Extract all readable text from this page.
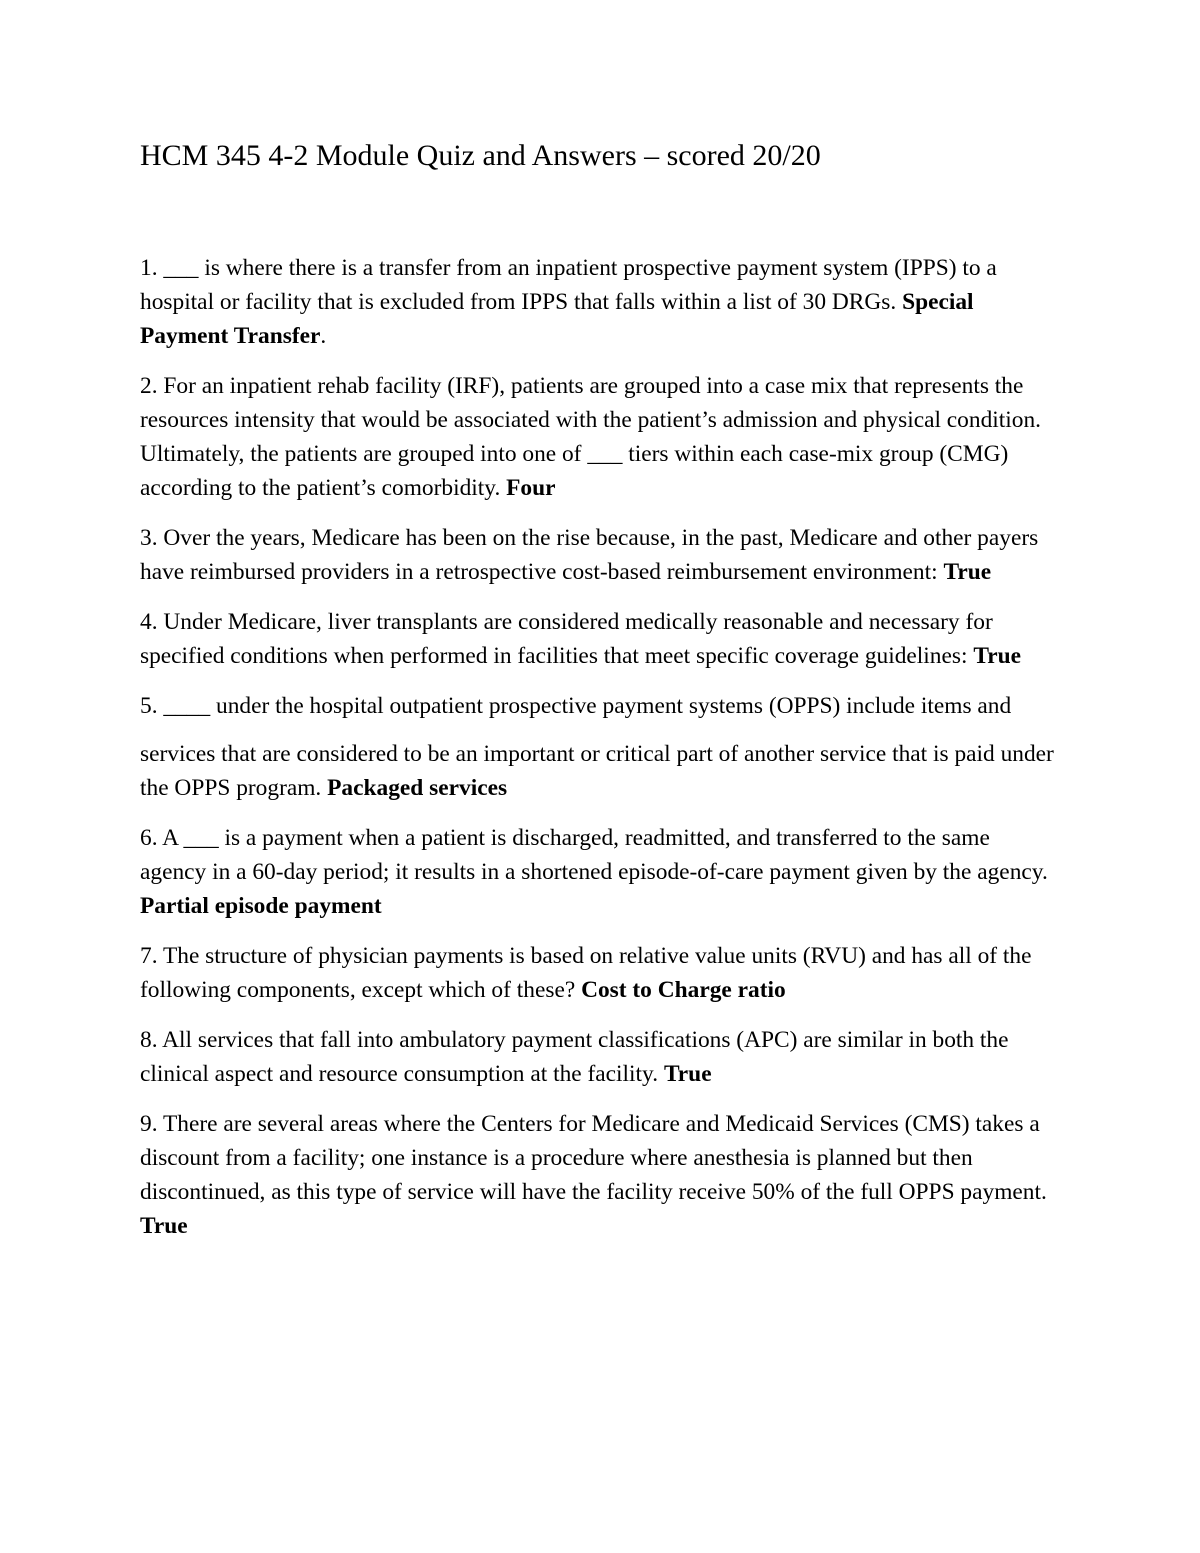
HCM 345 4-2 Module Quiz and Answers – scored 20/20

1. ___ is where there is a transfer from an inpatient prospective payment system (IPPS) to a hospital or facility that is excluded from IPPS that falls within a list of 30 DRGs. Special Payment Transfer.

2. For an inpatient rehab facility (IRF), patients are grouped into a case mix that represents the resources intensity that would be associated with the patient’s admission and physical condition. Ultimately, the patients are grouped into one of ___ tiers within each case-mix group (CMG) according to the patient’s comorbidity. Four

3. Over the years, Medicare has been on the rise because, in the past, Medicare and other payers have reimbursed providers in a retrospective cost-based reimbursement environment: True

4. Under Medicare, liver transplants are considered medically reasonable and necessary for specified conditions when performed in facilities that meet specific coverage guidelines: True

5. ____ under the hospital outpatient prospective payment systems (OPPS) include items and

services that are considered to be an important or critical part of another service that is paid under the OPPS program. Packaged services

6. A ___ is a payment when a patient is discharged, readmitted, and transferred to the same agency in a 60-day period; it results in a shortened episode-of-care payment given by the agency. Partial episode payment

7. The structure of physician payments is based on relative value units (RVU) and has all of the following components, except which of these? Cost to Charge ratio

8. All services that fall into ambulatory payment classifications (APC) are similar in both the clinical aspect and resource consumption at the facility. True

9. There are several areas where the Centers for Medicare and Medicaid Services (CMS) takes a discount from a facility; one instance is a procedure where anesthesia is planned but then discontinued, as this type of service will have the facility receive 50% of the full OPPS payment. True
